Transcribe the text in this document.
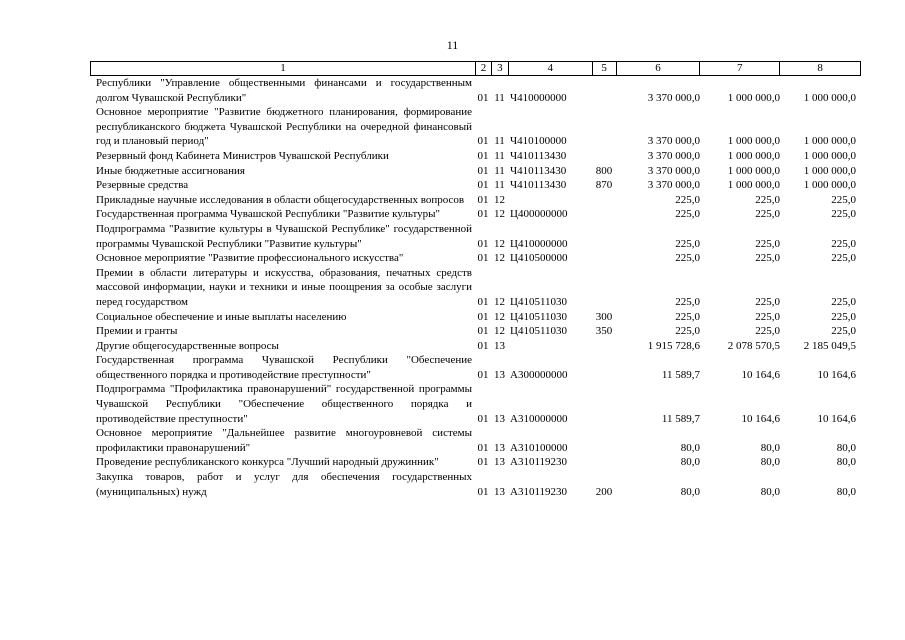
11
1	2 3	4	5	6	7	8
Республики "Управление общественными финансами и государственным долгом Чувашской Республики"	01 11 Ч410000000	3 370 000,0	1 000 000,0	1 000 000,0
Основное мероприятие "Развитие бюджетного планирования, формирование республиканского бюджета Чувашской Республики на очередной финансовый год и плановый период"	01 11 Ч410100000	3 370 000,0	1 000 000,0	1 000 000,0
Резервный фонд Кабинета Министров Чувашской Республики	01 11 Ч410113430	3 370 000,0	1 000 000,0	1 000 000,0
Иные бюджетные ассигнования	01 11 Ч410113430	800	3 370 000,0	1 000 000,0	1 000 000,0
Резервные средства	01 11 Ч410113430	870	3 370 000,0	1 000 000,0	1 000 000,0
Прикладные научные исследования в области общегосударственных вопросов	01 12	225,0	225,0	225,0
Государственная программа Чувашской Республики "Развитие культуры"	01 12 Ц400000000	225,0	225,0	225,0
Подпрограмма "Развитие культуры в Чувашской Республике" государственной программы Чувашской Республики "Развитие культуры"	01 12 Ц410000000	225,0	225,0	225,0
Основное мероприятие "Развитие профессионального искусства"	01 12 Ц410500000	225,0	225,0	225,0
Премии в области литературы и искусства, образования, печатных средств массовой информации, науки и техники и иные поощрения за особые заслуги перед государством	01 12 Ц410511030	225,0	225,0	225,0
Социальное обеспечение и иные выплаты населению	01 12 Ц410511030	300	225,0	225,0	225,0
Премии и гранты	01 12 Ц410511030	350	225,0	225,0	225,0
Другие общегосударственные вопросы	01 13	1 915 728,6	2 078 570,5	2 185 049,5
Государственная программа Чувашской Республики "Обеспечение общественного порядка и противодействие преступности"	01 13 А300000000	11 589,7	10 164,6	10 164,6
Подпрограмма "Профилактика правонарушений" государственной программы Чувашской Республики "Обеспечение общественного порядка и противодействие преступности"	01 13 А310000000	11 589,7	10 164,6	10 164,6
Основное мероприятие "Дальнейшее развитие многоуровневой системы профилактики правонарушений"	01 13 А310100000	80,0	80,0	80,0
Проведение республиканского конкурса "Лучший народный дружинник"	01 13 А310119230	80,0	80,0	80,0
Закупка товаров, работ и услуг для обеспечения государственных (муниципальных) нужд	01 13 А310119230	200	80,0	80,0	80,0
